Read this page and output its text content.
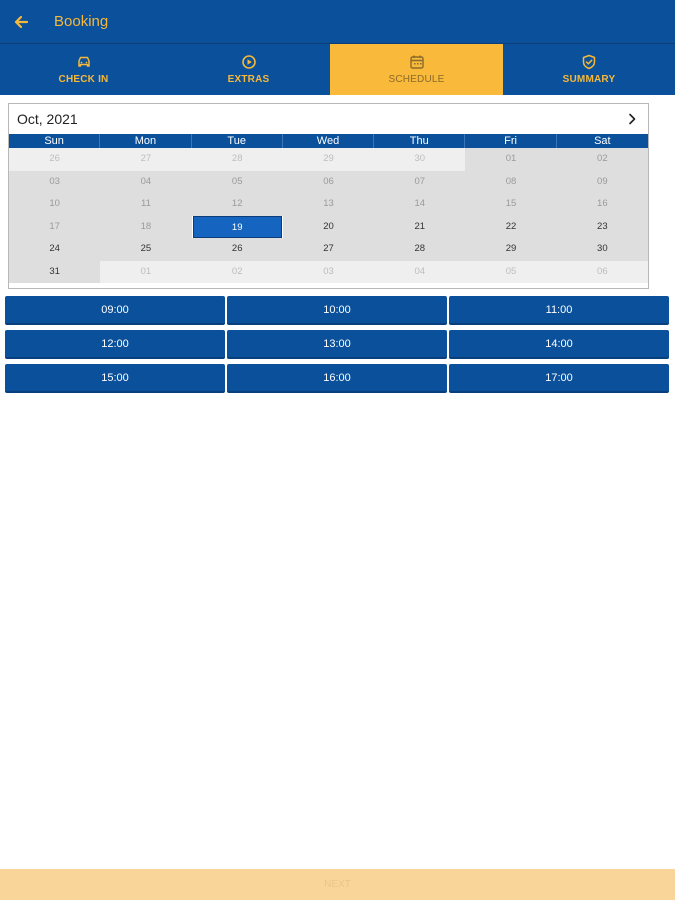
Booking
CHECK IN	EXTRAS	SCHEDULE	SUMMARY
Oct, 2021
Sun	Mon	Tue	Wed	Thu	Fri	Sat
26	27	28	29	30	01	02
03	04	05	06	07	08	09
10	11	12	13	14	15	16
17	18	19	20	21	22	23
24	25	26	27	28	29	30
31	01	02	03	04	05	06
09:00	10:00	11:00
12:00	13:00	14:00
15:00	16:00	17:00
NEXT
